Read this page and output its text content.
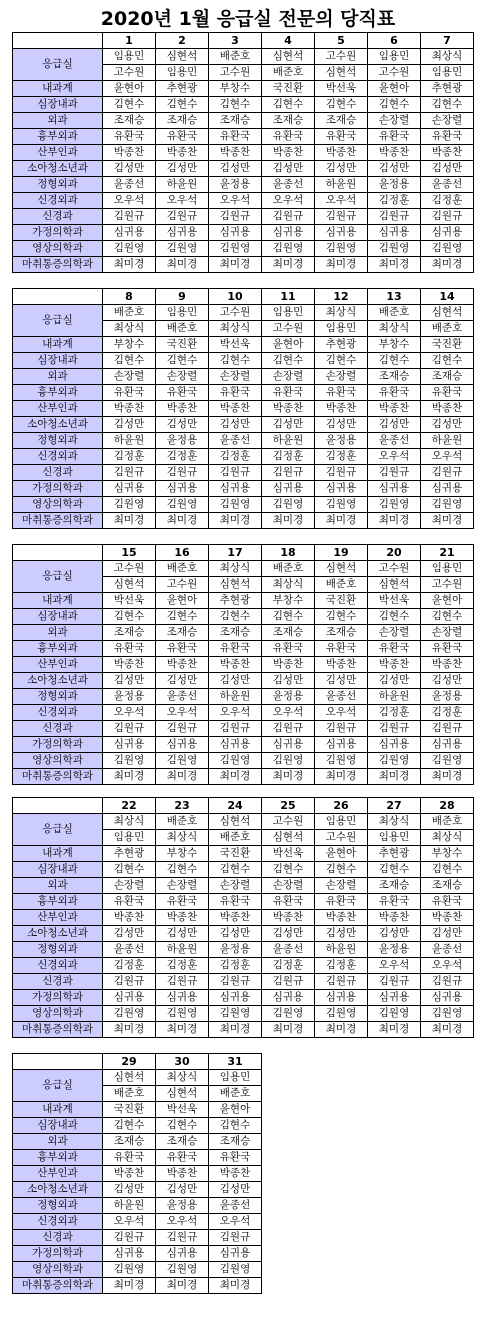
2020년 1월 응급실 전문의 당직표
	1	2	3	4	5	6	7
응급실	임용민	심현석	배준호	심현석	고수원	임용민	최상식
	고수원	임용민	고수원	배준호	심현석	고수원	임용민
내과계	윤현아	추현광	부창수	국진환	박선욱	윤현아	추현광
심장내과	김현수	김현수	김현수	김현수	김현수	김현수	김현수
외과	조재승	조재승	조재승	조재승	조재승	손장렬	손장렬
흉부외과	유환국	유환국	유환국	유환국	유환국	유환국	유환국
산부인과	박종찬	박종찬	박종찬	박종찬	박종찬	박종찬	박종찬
소아청소년과	김성만	김성만	김성만	김성만	김성만	김성만	김성만
정형외과	윤종선	하윤원	윤정용	윤종선	하윤원	윤정용	윤종선
신경외과	오우석	오우석	오우석	오우석	오우석	김정훈	김정훈
신경과	김원규	김원규	김원규	김원규	김원규	김원규	김원규
가정의학과	심귀용	심귀용	심귀용	심귀용	심귀용	심귀용	심귀용
영상의학과	김원영	김원영	김원영	김원영	김원영	김원영	김원영
마취통증의학과	최미경	최미경	최미경	최미경	최미경	최미경	최미경
	8	9	10	11	12	13	14
응급실	배준호	임용민	고수원	임용민	최상식	배준호	심현석
	최상식	배준호	최상식	고수원	임용민	최상식	배준호
내과계	부창수	국진환	박선욱	윤현아	추현광	부창수	국진환
심장내과	김현수	김현수	김현수	김현수	김현수	김현수	김현수
외과	손장렬	손장렬	손장렬	손장렬	손장렬	조재승	조재승
흉부외과	유환국	유환국	유환국	유환국	유환국	유환국	유환국
산부인과	박종찬	박종찬	박종찬	박종찬	박종찬	박종찬	박종찬
소아청소년과	김성만	김성만	김성만	김성만	김성만	김성만	김성만
정형외과	하윤원	윤정용	윤종선	하윤원	윤정용	윤종선	하윤원
신경외과	김정훈	김정훈	김정훈	김정훈	김정훈	오우석	오우석
신경과	김원규	김원규	김원규	김원규	김원규	김원규	김원규
가정의학과	심귀용	심귀용	심귀용	심귀용	심귀용	심귀용	심귀용
영상의학과	김원영	김원영	김원영	김원영	김원영	김원영	김원영
마취통증의학과	최미경	최미경	최미경	최미경	최미경	최미경	최미경
	15	16	17	18	19	20	21
응급실	고수원	배준호	최상식	배준호	심현석	고수원	임용민
	심현석	고수원	심현석	최상식	배준호	심현석	고수원
내과계	박선욱	윤현아	추현광	부창수	국진환	박선욱	윤현아
심장내과	김현수	김현수	김현수	김현수	김현수	김현수	김현수
외과	조재승	조재승	조재승	조재승	조재승	손장렬	손장렬
흉부외과	유환국	유환국	유환국	유환국	유환국	유환국	유환국
산부인과	박종찬	박종찬	박종찬	박종찬	박종찬	박종찬	박종찬
소아청소년과	김성만	김성만	김성만	김성만	김성만	김성만	김성만
정형외과	윤정용	윤종선	하윤원	윤정용	윤종선	하윤원	윤정용
신경외과	오우석	오우석	오우석	오우석	오우석	김정훈	김정훈
신경과	김원규	김원규	김원규	김원규	김원규	김원규	김원규
가정의학과	심귀용	심귀용	심귀용	심귀용	심귀용	심귀용	심귀용
영상의학과	김원영	김원영	김원영	김원영	김원영	김원영	김원영
마취통증의학과	최미경	최미경	최미경	최미경	최미경	최미경	최미경
	22	23	24	25	26	27	28
응급실	최상식	배준호	심현석	고수원	임용민	최상식	배준호
	임용민	최상식	배준호	심현석	고수원	임용민	최상식
내과계	추현광	부창수	국진환	박선욱	윤현아	추현광	부창수
심장내과	김현수	김현수	김현수	김현수	김현수	김현수	김현수
외과	손장렬	손장렬	손장렬	손장렬	손장렬	조재승	조재승
흉부외과	유환국	유환국	유환국	유환국	유환국	유환국	유환국
산부인과	박종찬	박종찬	박종찬	박종찬	박종찬	박종찬	박종찬
소아청소년과	김성만	김성만	김성만	김성만	김성만	김성만	김성만
정형외과	윤종선	하윤원	윤정용	윤종선	하윤원	윤정용	윤종선
신경외과	김정훈	김정훈	김정훈	김정훈	김정훈	오우석	오우석
신경과	김원규	김원규	김원규	김원규	김원규	김원규	김원규
가정의학과	심귀용	심귀용	심귀용	심귀용	심귀용	심귀용	심귀용
영상의학과	김원영	김원영	김원영	김원영	김원영	김원영	김원영
마취통증의학과	최미경	최미경	최미경	최미경	최미경	최미경	최미경
	29	30	31
응급실	심현석	최상식	임용민
	배준호	심현석	배준호
내과계	국진환	박선욱	윤현아
심장내과	김현수	김현수	김현수
외과	조재승	조재승	조재승
흉부외과	유환국	유환국	유환국
산부인과	박종찬	박종찬	박종찬
소아청소년과	김성만	김성만	김성만
정형외과	하윤원	윤정용	윤종선
신경외과	오우석	오우석	오우석
신경과	김원규	김원규	김원규
가정의학과	심귀용	심귀용	심귀용
영상의학과	김원영	김원영	김원영
마취통증의학과	최미경	최미경	최미경
